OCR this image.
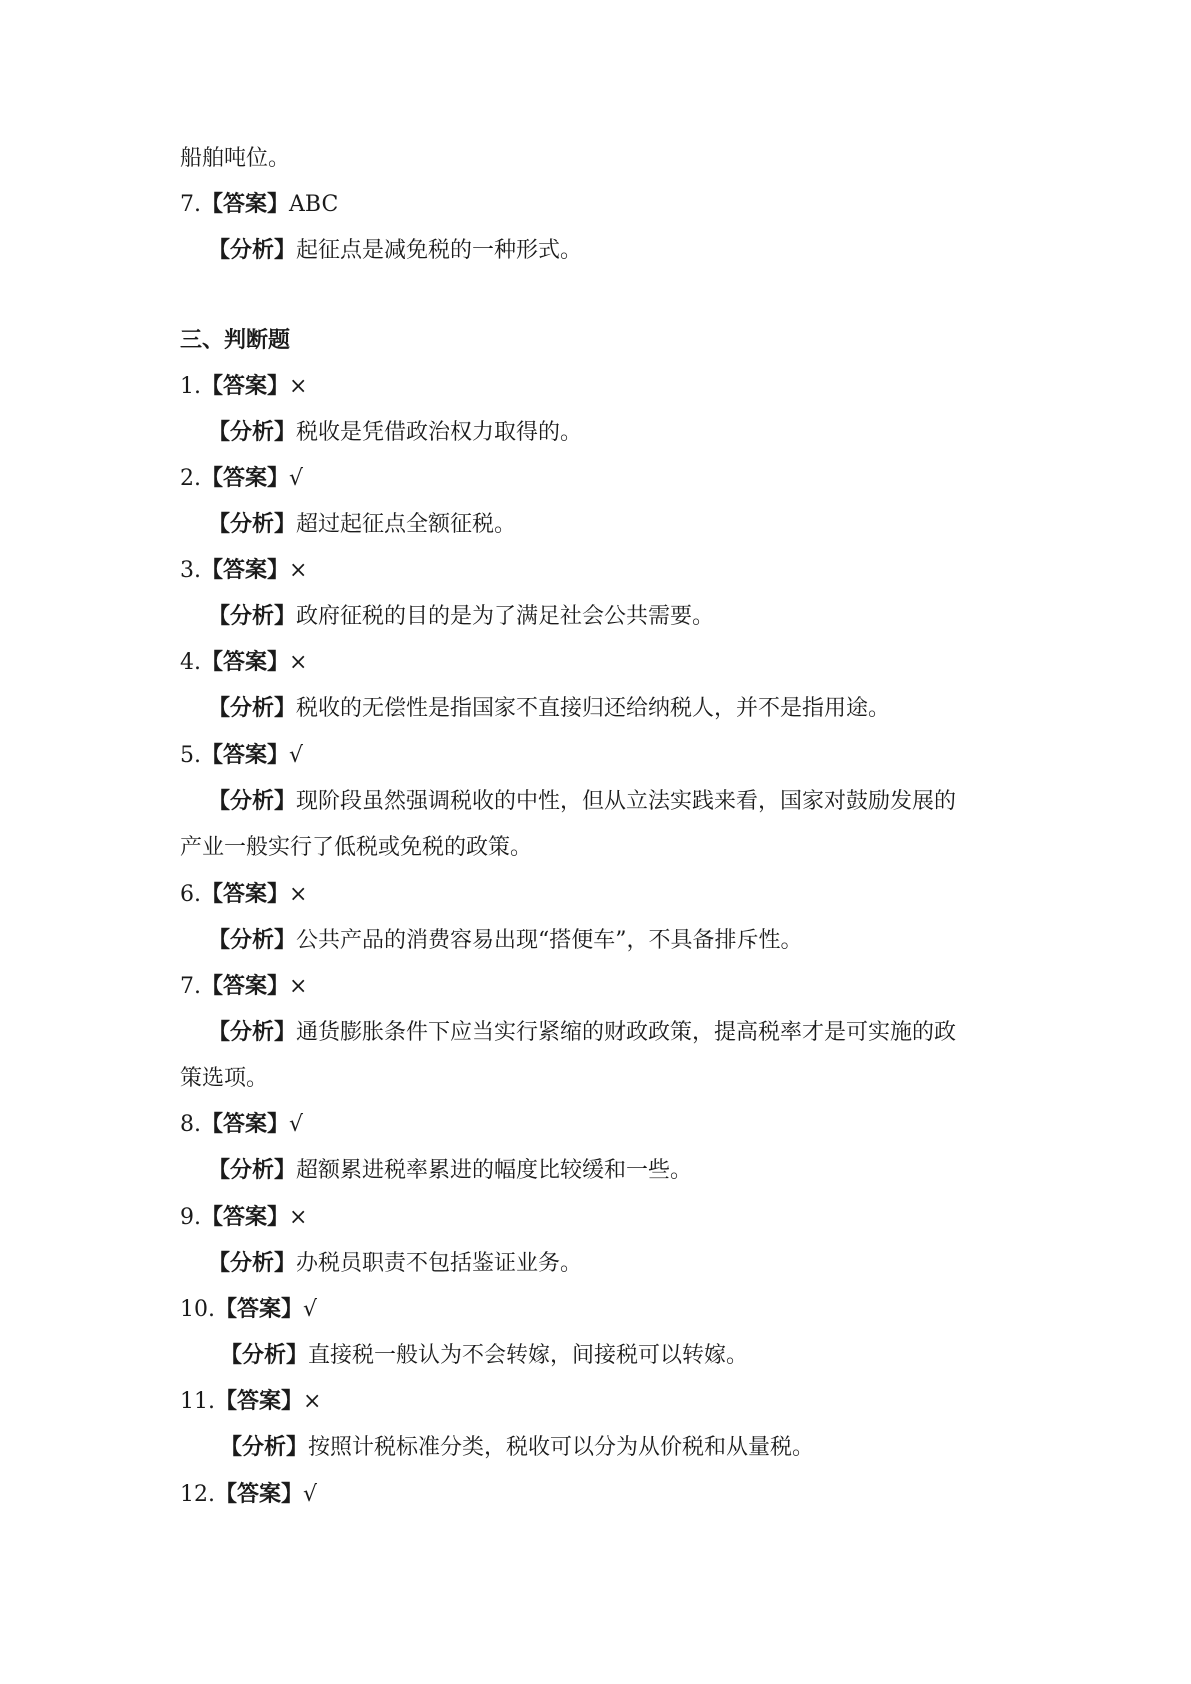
船舶吨位。
7.【答案】ABC
【分析】起征点是减免税的一种形式。
三、判断题
1.【答案】×
【分析】税收是凭借政治权力取得的。
2.【答案】√
【分析】超过起征点全额征税。
3.【答案】×
【分析】政府征税的目的是为了满足社会公共需要。
4.【答案】×
【分析】税收的无偿性是指国家不直接归还给纳税人，并不是指用途。
5.【答案】√
【分析】现阶段虽然强调税收的中性，但从立法实践来看，国家对鼓励发展的
产业一般实行了低税或免税的政策。
6.【答案】×
【分析】公共产品的消费容易出现“搭便车”，不具备排斥性。
7.【答案】×
【分析】通货膨胀条件下应当实行紧缩的财政政策，提高税率才是可实施的政
策选项。
8.【答案】√
【分析】超额累进税率累进的幅度比较缓和一些。
9.【答案】×
【分析】办税员职责不包括鉴证业务。
10.【答案】√
【分析】直接税一般认为不会转嫁，间接税可以转嫁。
11.【答案】×
【分析】按照计税标准分类，税收可以分为从价税和从量税。
12.【答案】√
